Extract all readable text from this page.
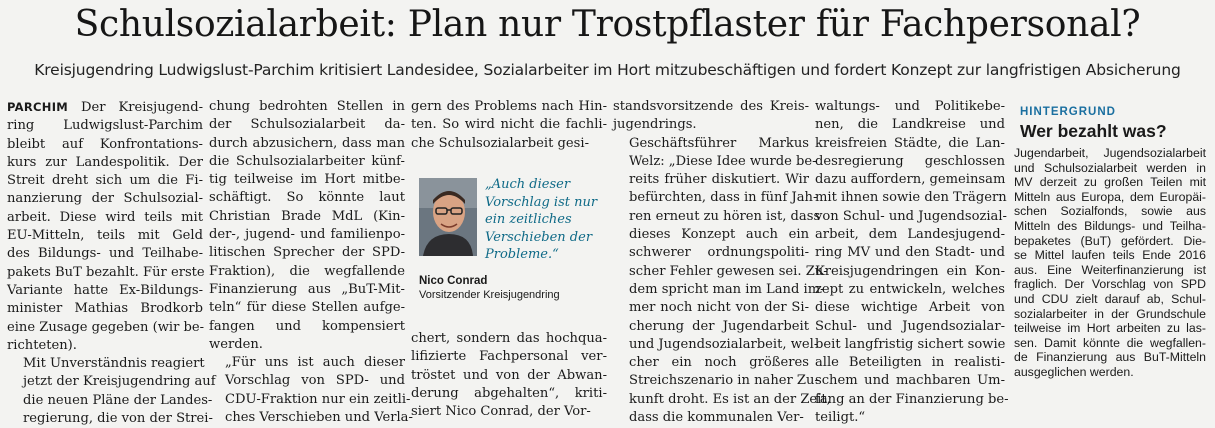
Schulsozialarbeit: Plan nur Trostpflaster für Fachpersonal?
Kreisjugendring Ludwigslust-Parchim kritisiert Landesidee, Sozialarbeiter im Hort mitzubeschäftigen und fordert Konzept zur langfristigen Absicherung

PARCHIM Der Kreisjugend-
ring Ludwigslust-Parchim
bleibt auf Konfrontations-
kurs zur Landespolitik. Der
Streit dreht sich um die Fi-
nanzierung der Schulsozial-
arbeit. Diese wird teils mit
EU-Mitteln, teils mit Geld
des Bildungs- und Teilhabe-
pakets BuT bezahlt. Für erste
Variante hatte Ex-Bildungs-
minister Mathias Brodkorb
eine Zusage gegeben (wir be-
richteten).

Mit Unverständnis reagiert
jetzt der Kreisjugendring auf
die neuen Pläne der Landes-
regierung, die von der Strei-

chung bedrohten Stellen in
der Schulsozialarbeit da-
durch abzusichern, dass man
die Schulsozialarbeiter künf-
tig teilweise im Hort mitbe-
schäftigt. So könnte laut
Christian Brade MdL (Kin-
der-, jugend- und familienpo-
litischen Sprecher der SPD-
Fraktion), die wegfallende
Finanzierung aus „BuT-Mit-
teln“ für diese Stellen aufge-
fangen und kompensiert
werden.

„Für uns ist auch dieser
Vorschlag von SPD- und
CDU-Fraktion nur ein zeitli-
ches Verschieben und Verla-

gern des Problems nach Hin-
ten. So wird nicht die fachli-
che Schulsozialarbeit gesi-

„Auch dieser
Vorschlag ist nur
ein zeitliches
Verschieben der
Probleme.“
Nico Conrad
Vorsitzender Kreisjugendring

chert, sondern das hochqua-
lifizierte Fachpersonal ver-
tröstet und von der Abwan-
derung abgehalten“, kriti-
siert Nico Conrad, der Vor-

standsvorsitzende des Kreis-
jugendrings.

Geschäftsführer Markus
Welz: „Diese Idee wurde be-
reits früher diskutiert. Wir
befürchten, dass in fünf Jah-
ren erneut zu hören ist, dass
dieses Konzept auch ein
schwerer ordnungspoliti-
scher Fehler gewesen sei. Zu-
dem spricht man im Land im-
mer noch nicht von der Si-
cherung der Jugendarbeit
und Jugendsozialarbeit, wel-
cher ein noch größeres
Streichszenario in naher Zu-
kunft droht. Es ist an der Zeit,
dass die kommunalen Ver-

waltungs- und Politikebe-
nen, die Landkreise und
kreisfreien Städte, die Lan-
desregierung geschlossen
dazu auffordern, gemeinsam
mit ihnen sowie den Trägern
von Schul- und Jugendsozial-
arbeit, dem Landesjugend-
ring MV und den Stadt- und
Kreisjugendringen ein Kon-
zept zu entwickeln, welches
diese wichtige Arbeit von
Schul- und Jugendsozialar-
beit langfristig sichert sowie
alle Beteiligten in realisti-
schem und machbaren Um-
fang an der Finanzierung be-
teiligt.“

HINTERGRUND
Wer bezahlt was?
Jugendarbeit, Jugendsozialarbeit
und Schulsozialarbeit werden in
MV derzeit zu großen Teilen mit
Mitteln aus Europa, dem Europäi-
schen Sozialfonds, sowie aus
Mitteln des Bildungs- und Teilha-
bepaketes (BuT) gefördert. Die-
se Mittel laufen teils Ende 2016
aus. Eine Weiterfinanzierung ist
fraglich. Der Vorschlag von SPD
und CDU zielt darauf ab, Schul-
sozialarbeiter in der Grundschule
teilweise im Hort arbeiten zu las-
sen. Damit könnte die wegfallen-
de Finanzierung aus BuT-Mitteln
ausgeglichen werden.
